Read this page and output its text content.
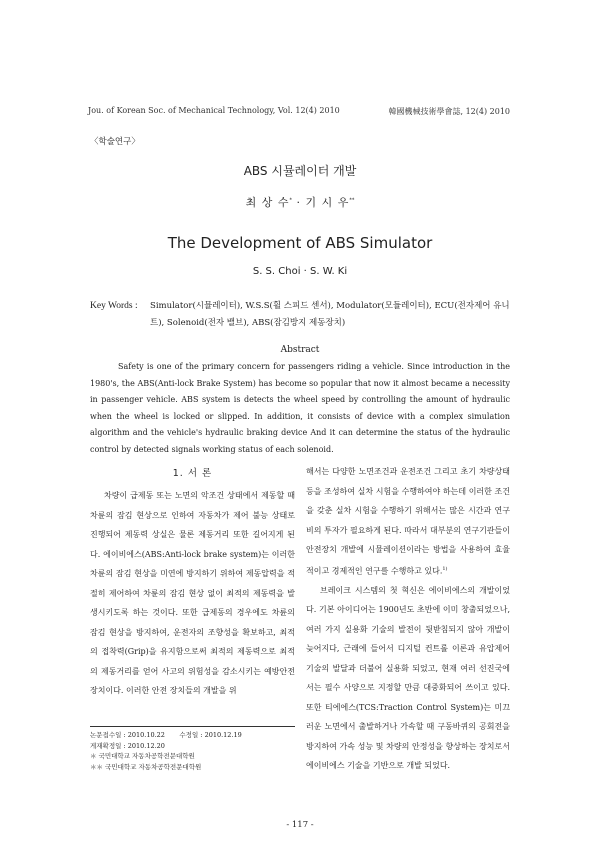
Jou. of Korean Soc. of Mechanical Technology, Vol. 12(4) 2010	韓國機械技術學會誌, 12(4) 2010
〈학술연구〉
ABS 시뮬레이터 개발
최 상 수* · 기 시 우**
The Development of ABS Simulator
S. S. Choi · S. W. Ki
Key Words : Simulator(시뮬레이터), W.S.S(휠 스피드 센서), Modulator(모듈레이터), ECU(전자제어 유니트), Solenoid(전자 밸브), ABS(잠김방지 제동장치)
Abstract
Safety is one of the primary concern for passengers riding a vehicle. Since introduction in the 1980's, the ABS(Anti-lock Brake System) has become so popular that now it almost became a necessity in passenger vehicle. ABS system is detects the wheel speed by controlling the amount of hydraulic when the wheel is locked or slipped. In addition, it consists of device with a complex simulation algorithm and the vehicle's hydraulic braking device And it can determine the status of the hydraulic control by detected signals working status of each solenoid.
1. 서 론
차량이 급제동 또는 노면의 악조건 상태에서 제동할 때 차륜의 잠김 현상으로 인하여 자동차가 제어 불능 상태로 진행되어 제동력 상실은 물론 제동거리 또한 길어지게 된다. 에이비에스(ABS:Anti-lock brake system)는 이러한 차륜의 잠김 현상을 미연에 방지하기 위하여 제동압력을 적절히 제어하여 차륜의 잠김 현상 없이 최적의 제동력을 발생시키도록 하는 것이다. 또한 급제동의 경우에도 차륜의 잠김 현상을 방지하여, 운전자의 조향성을 확보하고, 최적의 접착력(Grip)을 유지함으로써 최적의 제동력으로 최적의 제동거리를 얻어 사고의 위험성을 감소시키는 예방안전장치이다. 이러한 안전 장치들의 개발을 위

해서는 다양한 노면조건과 운전조건 그리고 초기 차량상태 등을 조성하여 실차 시험을 수행하여야 하는데 이러한 조건을 갖춘 실차 시험을 수행하기 위해서는 많은 시간과 연구비의 투자가 필요하게 된다. 따라서 대부분의 연구기관들이 안전장치 개발에 시뮬레이션이라는 방법을 사용하여 효율적이고 경제적인 연구를 수행하고 있다.$^{1)}$

브레이크 시스템의 첫 혁신은 에이비에스의 개발이었다. 기본 아이디어는 1900년도 초반에 이미 창출되었으나, 여러 가지 실용화 기술의 발전이 뒷받침되지 않아 개발이 늦어지다, 근래에 들어서 디지털 컨트롤 이론과 유압제어 기술의 발달과 더불어 실용화 되었고, 현재 여러 선진국에서는 필수 사양으로 지정할 만큼 대중화되어 쓰이고 있다. 또한 티에에스(TCS:Traction Control System)는 미끄러운 노면에서 출발하거나 가속할 때 구동바퀴의 공회전을 방지하여 가속 성능 및 차량의 안정성을 향상하는 장치로서 에이비에스 기술을 기반으로 개발 되었다.

논문접수일 : 2010.10.22 수정일 : 2010.12.19
게재확정일 : 2010.12.20
＊ 국민대학교 자동차공학전문대학원
＊＊ 국민대학교 자동차공학전문대학원
- 117 -
